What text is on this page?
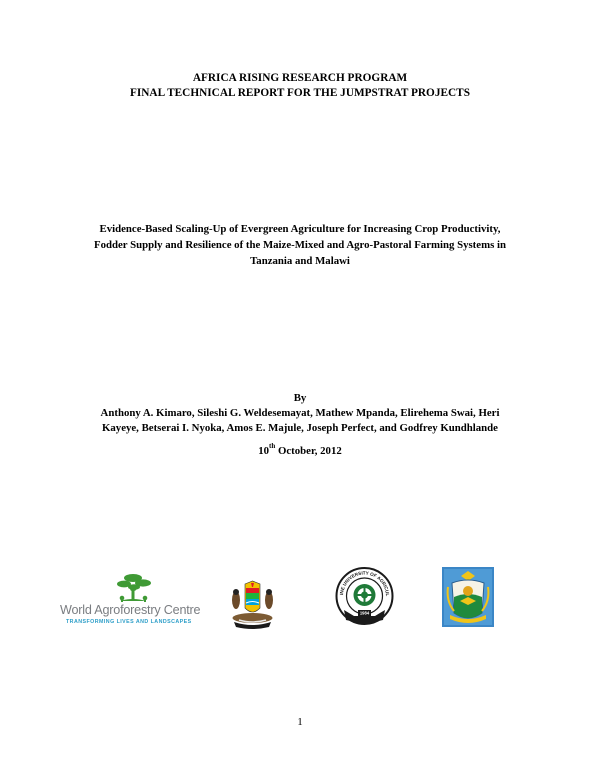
AFRICA RISING RESEARCH PROGRAM
FINAL TECHNICAL REPORT FOR THE JUMPSTRAT PROJECTS
Evidence-Based Scaling-Up of Evergreen Agriculture for Increasing Crop Productivity,
Fodder Supply and Resilience of the Maize-Mixed and Agro-Pastoral Farming Systems in
Tanzania and Malawi
By
Anthony A. Kimaro, Sileshi G. Weldesemayat, Mathew Mpanda, Elirehema Swai, Heri
Kayeye, Betserai I. Nyoka, Amos E. Majule, Joseph Perfect, and Godfrey Kundhlande
10th October, 2012
World Agroforestry Centre
TRANSFORMING LIVES AND LANDSCAPES
INE UNIVERSITY OF AGRICUL
1984
1
